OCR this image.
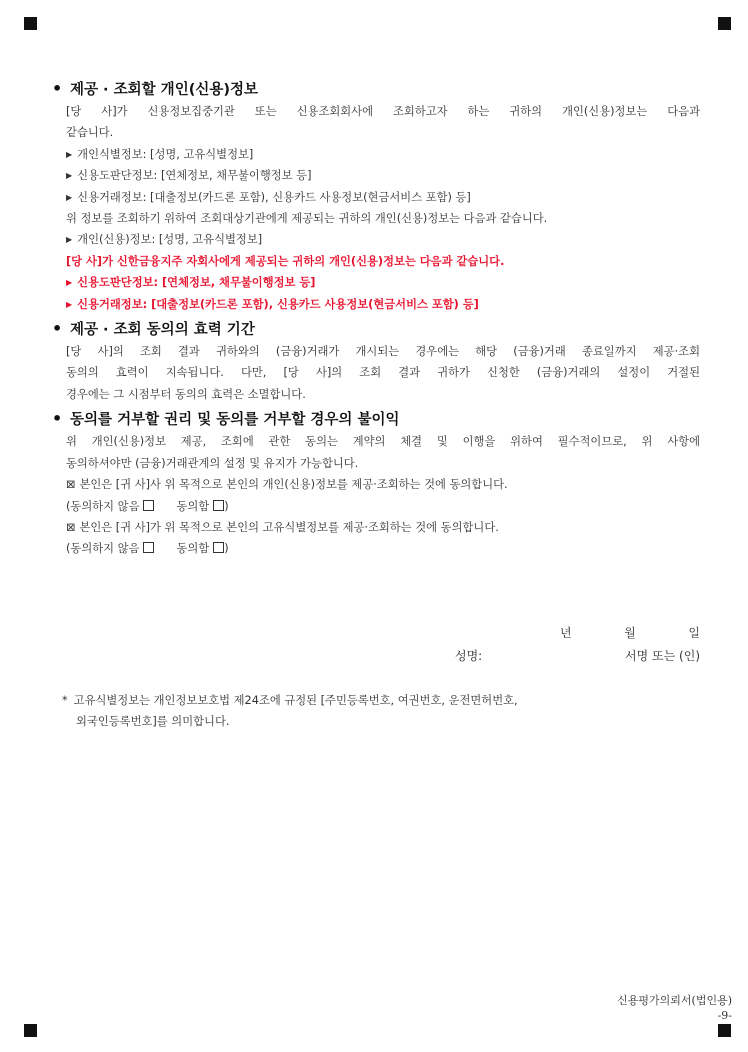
• 제공 · 조회할 개인(신용)정보
[당 사]가 신용정보집중기관 또는 신용조회회사에 조회하고자 하는 귀하의 개인(신용)정보는 다음과
같습니다.
▶ 개인식별정보: [성명, 고유식별정보]
▶ 신용도판단정보: [연체정보, 채무불이행정보 등]
▶ 신용거래정보: [대출정보(카드론 포함), 신용카드 사용정보(현금서비스 포함) 등]
위 정보를 조회하기 위하여 조회대상기관에게 제공되는 귀하의 개인(신용)정보는 다음과 같습니다.
▶ 개인(신용)정보: [성명, 고유식별정보]
[당 사]가 신한금융지주 자회사에게 제공되는 귀하의 개인(신용)정보는 다음과 같습니다.
▶ 신용도판단정보: [연체정보, 채무불이행정보 등]
▶ 신용거래정보: [대출정보(카드론 포함), 신용카드 사용정보(현금서비스 포함) 등]
• 제공 · 조회 동의의 효력 기간
[당 사]의 조회 결과 귀하와의 (금융)거래가 개시되는 경우에는 해당 (금융)거래 종료일까지 제공·조회
동의의 효력이 지속됩니다. 다만, [당 사]의 조회 결과 귀하가 신청한 (금융)거래의 설정이 거절된
경우에는 그 시점부터 동의의 효력은 소멸합니다.
• 동의를 거부할 권리 및 동의를 거부할 경우의 불이익
위 개인(신용)정보 제공, 조회에 관한 동의는 계약의 체결 및 이행을 위하여 필수적이므로, 위 사항에
동의하셔야만 (금융)거래관계의 설정 및 유지가 가능합니다.
⊠ 본인은 [귀 사]사 위 목적으로 본인의 개인(신용)정보를 제공·조회하는 것에 동의합니다.
(동의하지 않음	동의함 )
⊠ 본인은 [귀 사]가 위 목적으로 본인의 고유식별정보를 제공·조회하는 것에 동의합니다.
(동의하지 않음	동의함 )
년	월	일
성명:	서명 또는 (인)
* 고유식별정보는 개인정보보호법 제24조에 규정된 [주민등록번호, 여권번호, 운전면허번호,
외국인등록번호]를 의미합니다.
신용평가의뢰서(법인용)
-9-
